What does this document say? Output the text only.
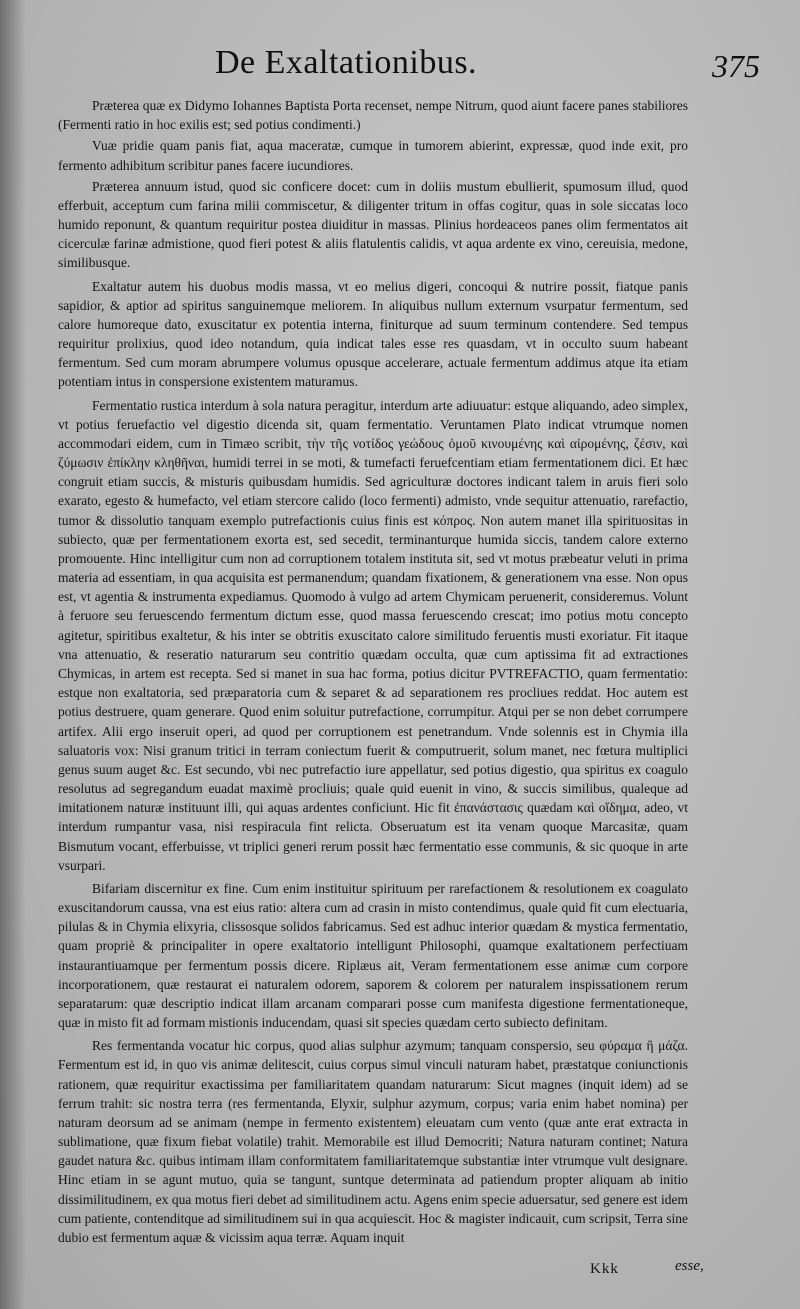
De Exaltationibus.	375

Præterea quæ ex Didymo Iohannes Baptista Porta recenset, nempe Nitrum, quod aiunt facere panes stabiliores (Fermenti ratio in hoc exilis est; sed potius condimenti.)

Vuæ pridie quam panis fiat, aqua maceratæ, cumque in tumorem abierint, expressæ, quod inde exit, pro fermento adhibitum scribitur panes facere iucundiores.

Præterea annuum istud, quod sic conficere docet: cum in doliis mustum ebullierit, spumosum illud, quod efferbuit, acceptum cum farina milii commiscetur, & diligenter tritum in offas cogitur, quas in sole siccatas loco humido reponunt, & quantum requiritur postea diuiditur in massas. Plinius hordeaceos panes olim fermentatos ait cicerculæ farinæ admistione, quod fieri potest & aliis flatulentis calidis, vt aqua ardente ex vino, cereuisia, medone, similibusque.

Exaltatur autem his duobus modis massa, vt eo melius digeri, concoqui & nutrire possit, fiatque panis sapidior, & aptior ad spiritus sanguinemque meliorem. In aliquibus nullum externum vsurpatur fermentum, sed calore humoreque dato, exuscitatur ex potentia interna, finiturque ad suum terminum contendere. Sed tempus requiritur prolixius, quod ideo notandum, quia indicat tales esse res quasdam, vt in occulto suum habeant fermentum. Sed cum moram abrumpere volumus opusque accelerare, actuale fermentum addimus atque ita etiam potentiam intus in conspersione existentem maturamus.

Fermentatio rustica interdum à sola natura peragitur, interdum arte adiuuatur: estque aliquando, adeo simplex, vt potius feruefactio vel digestio dicenda sit, quam fermentatio. Veruntamen Plato indicat vtrumque nomen accommodari eidem, cum in Timæo scribit, τὴν τῆς νοτίδος γεώδους ὁμοῦ κινουμένης καὶ αἰρομένης, ζέσιν, καὶ ζύμωσιν ἐπίκλην κληθῆναι, humidi terrei in se moti, & tumefacti feruefcentiam etiam fermentationem dici. Et hæc congruit etiam succis, & misturis quibusdam humidis. Sed agriculturæ doctores indicant talem in aruis fieri solo exarato, egesto & humefacto, vel etiam stercore calido (loco fermenti) admisto, vnde sequitur attenuatio, rarefactio, tumor & dissolutio tanquam exemplo putrefactionis cuius finis est κόπρος. Non autem manet illa spirituositas in subiecto, quæ per fermentationem exorta est, sed secedit, terminanturque humida siccis, tandem calore externo promouente. Hinc intelligitur cum non ad corruptionem totalem instituta sit, sed vt motus præbeatur veluti in prima materia ad essentiam, in qua acquisita est permanendum; quandam fixationem, & generationem vna esse. Non opus est, vt agentia & instrumenta expediamus. Quomodo à vulgo ad artem Chymicam peruenerit, consideremus. Volunt à feruore seu feruescendo fermentum dictum esse, quod massa feruescendo crescat; imo potius motu concepto agitetur, spiritibus exaltetur, & his inter se obtritis exuscitato calore similitudo feruentis musti exoriatur. Fit itaque vna attenuatio, & reseratio naturarum seu contritio quædam occulta, quæ cum aptissima fit ad extractiones Chymicas, in artem est recepta. Sed si manet in sua hac forma, potius dicitur PVTREFACTIO, quam fermentatio: estque non exaltatoria, sed præparatoria cum & separet & ad separationem res procliues reddat. Hoc autem est potius destruere, quam generare. Quod enim soluitur putrefactione, corrumpitur. Atqui per se non debet corrumpere artifex. Alii ergo inseruit operi, ad quod per corruptionem est penetrandum. Vnde solennis est in Chymia illa saluatoris vox: Nisi granum tritici in terram coniectum fuerit & computruerit, solum manet, nec fœtura multiplici genus suum auget &c. Est secundo, vbi nec putrefactio iure appellatur, sed potius digestio, qua spiritus ex coagulo resolutus ad segregandum euadat maximè procliuis; quale quid euenit in vino, & succis similibus, qualeque ad imitationem naturæ instituunt illi, qui aquas ardentes conficiunt. Hic fit ἐπανάστασις quædam καὶ οἴδημα, adeo, vt interdum rumpantur vasa, nisi respiracula fint relicta. Obseruatum est ita venam quoque Marcasitæ, quam Bismutum vocant, efferbuisse, vt triplici generi rerum possit hæc fermentatio esse communis, & sic quoque in arte vsurpari.

Bifariam discernitur ex fine. Cum enim instituitur spirituum per rarefactionem & resolutionem ex coagulato exuscitandorum caussa, vna est eius ratio: altera cum ad crasin in misto contendimus, quale quid fit cum electuaria, pilulas & in Chymia elixyria, clissosque solidos fabricamus. Sed est adhuc interior quædam & mystica fermentatio, quam propriè & principaliter in opere exaltatorio intelligunt Philosophi, quamque exaltationem perfectiuam instaurantiuamque per fermentum possis dicere. Riplæus ait, Veram fermentationem esse animæ cum corpore incorporationem, quæ restaurat ei naturalem odorem, saporem & colorem per naturalem inspissationem rerum separatarum: quæ descriptio indicat illam arcanam comparari posse cum manifesta digestione fermentationeque, quæ in misto fit ad formam mistionis inducendam, quasi sit species quædam certo subiecto definitam.

Res fermentanda vocatur hic corpus, quod alias sulphur azymum; tanquam conspersio, seu φύραμα ἢ μάζα. Fermentum est id, in quo vis animæ delitescit, cuius corpus simul vinculi naturam habet, præstatque coniunctionis rationem, quæ requiritur exactissima per familiaritatem quandam naturarum: Sicut magnes (inquit idem) ad se ferrum trahit: sic nostra terra (res fermentanda, Elyxir, sulphur azymum, corpus; varia enim habet nomina) per naturam deorsum ad se animam (nempe in fermento existentem) eleuatam cum vento (quæ ante erat extracta in sublimatione, quæ fixum fiebat volatile) trahit. Memorabile est illud Democriti; Natura naturam continet; Natura gaudet natura &c. quibus intimam illam conformitatem familiaritatemque substantiæ inter vtrumque vult designare. Hinc etiam in se agunt mutuo, quia se tangunt, suntque determinata ad patiendum propter aliquam ab initio dissimilitudinem, ex qua motus fieri debet ad similitudinem actu. Agens enim specie aduersatur, sed genere est idem cum patiente, contenditque ad similitudinem sui in qua acquiescit. Hoc & magister indicauit, cum scripsit, Terra sine dubio est fermentum aquæ & vicissim aqua terræ. Aquam inquit

Kkk	esse,
